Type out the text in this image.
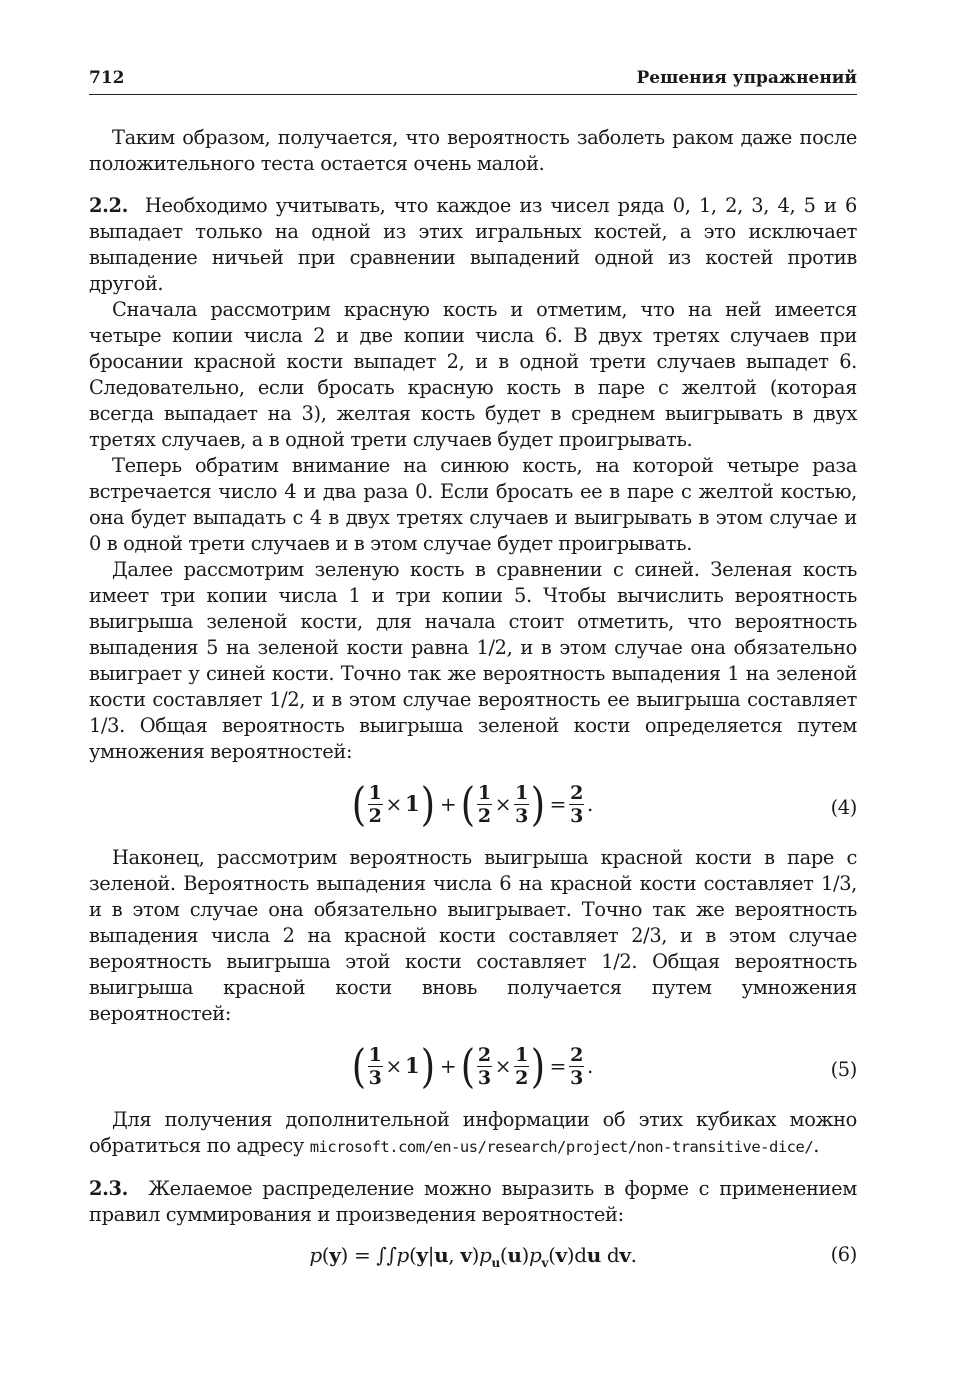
712	Решения упражнений

Таким образом, получается, что вероятность заболеть раком даже после положительного теста остается очень малой.

2.2. Необходимо учитывать, что каждое из чисел ряда 0, 1, 2, 3, 4, 5 и 6 выпадает только на одной из этих игральных костей, а это исключает выпадение ничьей при сравнении выпадений одной из костей против другой.

Сначала рассмотрим красную кость и отметим, что на ней имеется четыре копии числа 2 и две копии числа 6. В двух третях случаев при бросании красной кости выпадет 2, и в одной трети случаев выпадет 6. Следовательно, если бросать красную кость в паре с желтой (которая всегда выпадает на 3), желтая кость будет в среднем выигрывать в двух третях случаев, а в одной трети случаев будет проигрывать.

Теперь обратим внимание на синюю кость, на которой четыре раза встречается число 4 и два раза 0. Если бросать ее в паре с желтой костью, она будет выпадать с 4 в двух третях случаев и выигрывать в этом случае и 0 в одной трети случаев и в этом случае будет проигрывать.

Далее рассмотрим зеленую кость в сравнении с синей. Зеленая кость имеет три копии числа 1 и три копии 5. Чтобы вычислить вероятность выигрыша зеленой кости, для начала стоит отметить, что вероятность выпадения 5 на зеленой кости равна 1/2, и в этом случае она обязательно выиграет у синей кости. Точно так же вероятность выпадения 1 на зеленой кости составляет 1/2, и в этом случае вероятность ее выигрыша составляет 1/3. Общая вероятность выигрыша зеленой кости определяется путем умножения вероятностей:

( $\frac{1}{2} \times 1$) + ( $\frac{1}{2} \times \frac{1}{3}$ ) = $\frac{2}{3}$ .	(4)

Наконец, рассмотрим вероятность выигрыша красной кости в паре с зеленой. Вероятность выпадения числа 6 на красной кости составляет 1/3, и в этом случае она обязательно выигрывает. Точно так же вероятность выпадения числа 2 на красной кости составляет 2/3, и в этом случае вероятность выигрыша этой кости составляет 1/2. Общая вероятность выигрыша красной кости вновь получается путем умножения вероятностей:

( $\frac{1}{3} \times 1$) + ( $\frac{2}{3} \times \frac{1}{2}$ ) = $\frac{2}{3}$ .	(5)

Для получения дополнительной информации об этих кубиках можно обратиться по адресу microsoft.com/en-us/research/project/non-transitive-dice/.

2.3. Желаемое распределение можно выразить в форме с применением правил суммирования и произведения вероятностей:

p(y) = ∫∫p(y|u, $v)p_u(u)p_v(v)du$ dv.	(6)
